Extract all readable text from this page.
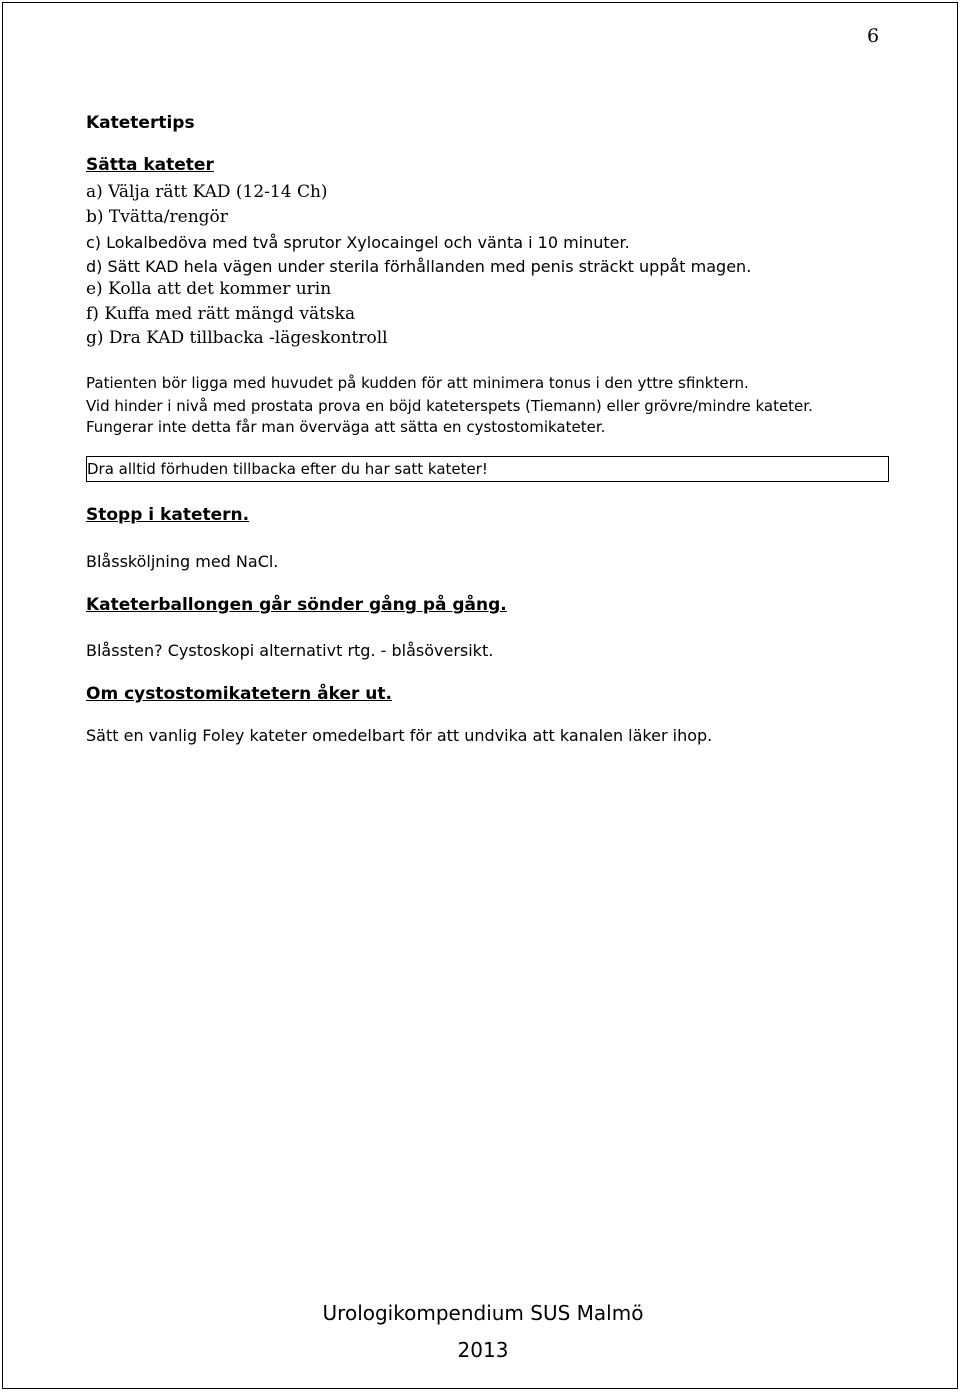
6
Katetertips
Sätta kateter
a) Välja rätt KAD (12-14 Ch)
b) Tvätta/rengör
c) Lokalbedöva med två sprutor Xylocaingel och vänta i 10 minuter.
d) Sätt KAD hela vägen under sterila förhållanden med penis sträckt uppåt magen.
e) Kolla att det kommer urin
f) Kuffa med rätt mängd vätska
g) Dra KAD tillbacka -lägeskontroll
Patienten bör ligga med huvudet på kudden för att minimera tonus i den yttre sfinktern.
Vid hinder i nivå med prostata prova en böjd kateterspets (Tiemann) eller grövre/mindre kateter.
Fungerar inte detta får man överväga att sätta en cystostomikateter.
Dra alltid förhuden tillbacka efter du har satt kateter!
Stopp i katetern.
Blåssköljning med NaCl.
Kateterballongen går sönder gång på gång.
Blåssten? Cystoskopi alternativt rtg. - blåsöversikt.
Om cystostomikatetern åker ut.
Sätt en vanlig Foley kateter omedelbart för att undvika att kanalen läker ihop.
Urologikompendium SUS Malmö
2013
